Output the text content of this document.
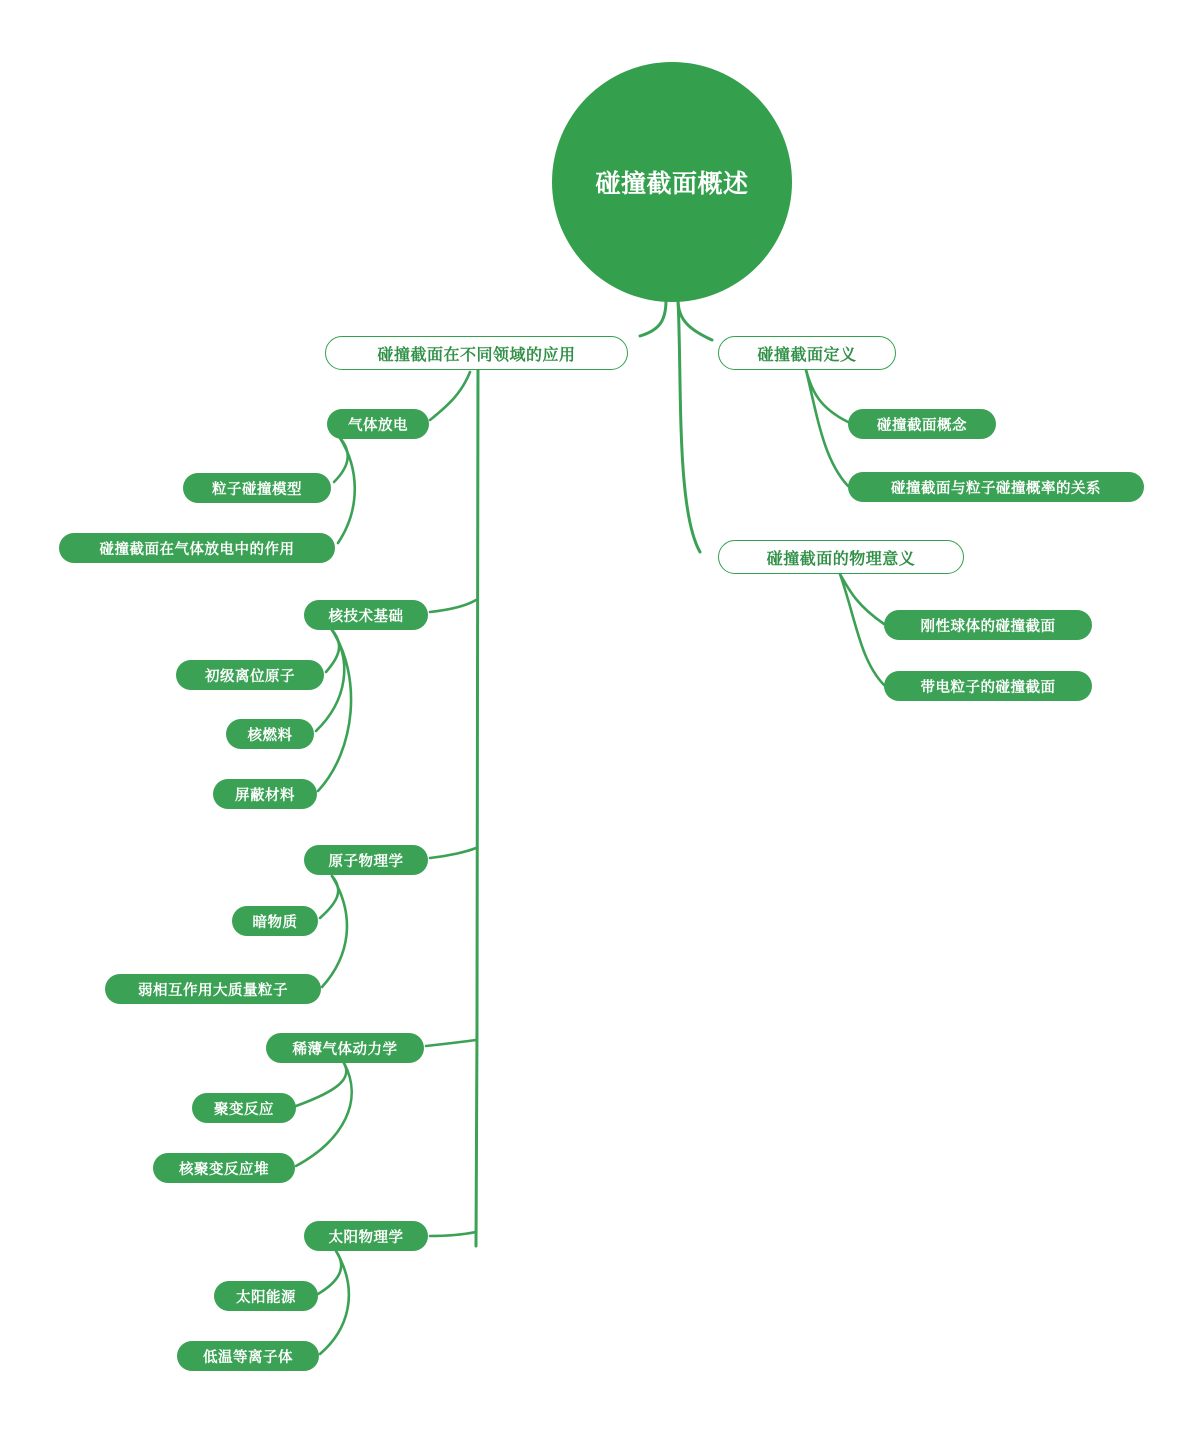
碰撞截面概述
碰撞截面在不同领域的应用
气体放电
粒子碰撞模型
碰撞截面在气体放电中的作用
核技术基础
初级离位原子
核燃料
屏蔽材料
原子物理学
暗物质
弱相互作用大质量粒子
稀薄气体动力学
聚变反应
核聚变反应堆
太阳物理学
太阳能源
低温等离子体
碰撞截面定义
碰撞截面概念
碰撞截面与粒子碰撞概率的关系
碰撞截面的物理意义
刚性球体的碰撞截面
带电粒子的碰撞截面
